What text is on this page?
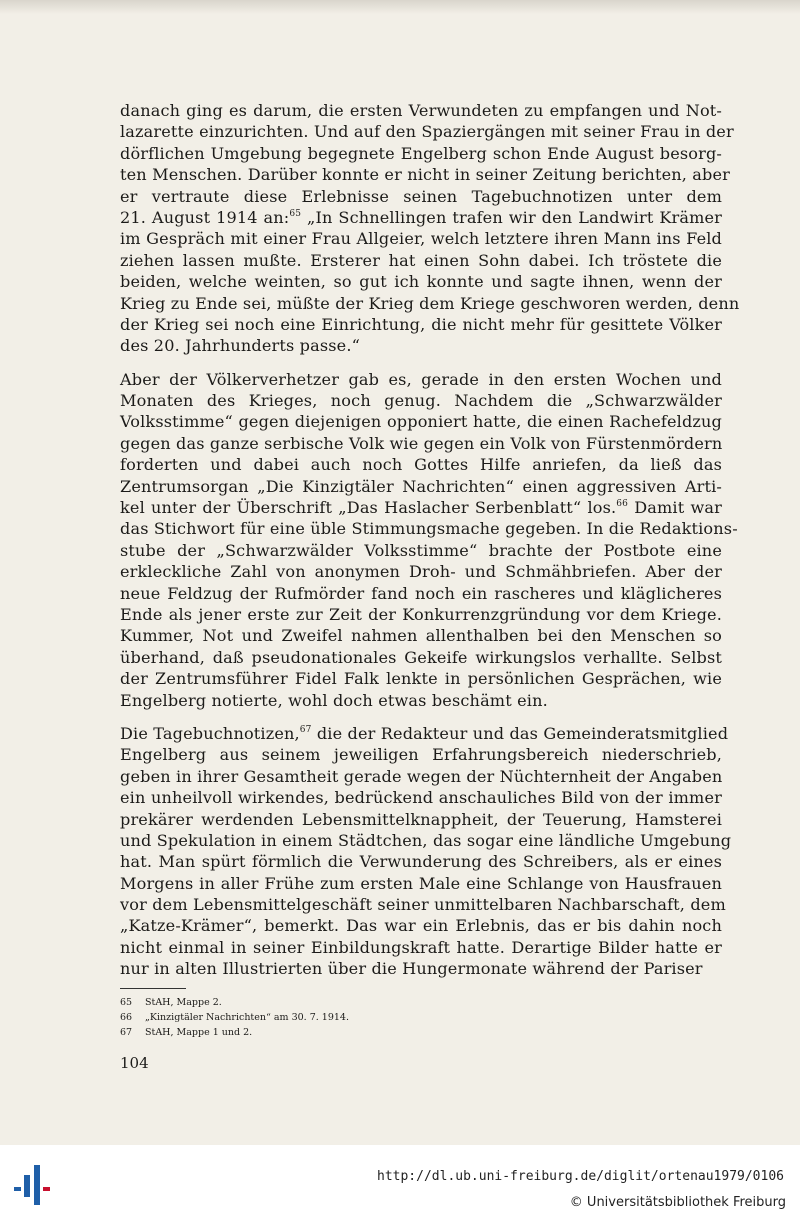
danach ging es darum, die ersten Verwundeten zu empfangen und Not-
lazarette einzurichten. Und auf den Spaziergängen mit seiner Frau in der
dörflichen Umgebung begegnete Engelberg schon Ende August besorg-
ten Menschen. Darüber konnte er nicht in seiner Zeitung berichten, aber
er vertraute diese Erlebnisse seinen Tagebuchnotizen unter dem
21. August 1914 an:$^{65}$ „In Schnellingen trafen wir den Landwirt Krämer
im Gespräch mit einer Frau Allgeier, welch letztere ihren Mann ins Feld
ziehen lassen mußte. Ersterer hat einen Sohn dabei. Ich tröstete die
beiden, welche weinten, so gut ich konnte und sagte ihnen, wenn der
Krieg zu Ende sei, müßte der Krieg dem Kriege geschworen werden, denn
der Krieg sei noch eine Einrichtung, die nicht mehr für gesittete Völker
des 20. Jahrhunderts passe.“
Aber der Völkerverhetzer gab es, gerade in den ersten Wochen und
Monaten des Krieges, noch genug. Nachdem die „Schwarzwälder
Volksstimme“ gegen diejenigen opponiert hatte, die einen Rachefeldzug
gegen das ganze serbische Volk wie gegen ein Volk von Fürstenmördern
forderten und dabei auch noch Gottes Hilfe anriefen, da ließ das
Zentrumsorgan „Die Kinzigtäler Nachrichten“ einen aggressiven Arti-
kel unter der Überschrift „Das Haslacher Serbenblatt“ los.$^{66}$ Damit war
das Stichwort für eine üble Stimmungsmache gegeben. In die Redaktions-
stube der „Schwarzwälder Volksstimme“ brachte der Postbote eine
erkleckliche Zahl von anonymen Droh- und Schmähbriefen. Aber der
neue Feldzug der Rufmörder fand noch ein rascheres und kläglicheres
Ende als jener erste zur Zeit der Konkurrenzgründung vor dem Kriege.
Kummer, Not und Zweifel nahmen allenthalben bei den Menschen so
überhand, daß pseudonationales Gekeife wirkungslos verhallte. Selbst
der Zentrumsführer Fidel Falk lenkte in persönlichen Gesprächen, wie
Engelberg notierte, wohl doch etwas beschämt ein.
Die Tagebuchnotizen,$^{67}$ die der Redakteur und das Gemeinderatsmitglied
Engelberg aus seinem jeweiligen Erfahrungsbereich niederschrieb,
geben in ihrer Gesamtheit gerade wegen der Nüchternheit der Angaben
ein unheilvoll wirkendes, bedrückend anschauliches Bild von der immer
prekärer werdenden Lebensmittelknappheit, der Teuerung, Hamsterei
und Spekulation in einem Städtchen, das sogar eine ländliche Umgebung
hat. Man spürt förmlich die Verwunderung des Schreibers, als er eines
Morgens in aller Frühe zum ersten Male eine Schlange von Hausfrauen
vor dem Lebensmittelgeschäft seiner unmittelbaren Nachbarschaft, dem
„Katze-Krämer“, bemerkt. Das war ein Erlebnis, das er bis dahin noch
nicht einmal in seiner Einbildungskraft hatte. Derartige Bilder hatte er
nur in alten Illustrierten über die Hungermonate während der Pariser
65	StAH, Mappe 2.
66	„Kinzigtäler Nachrichten“ am 30. 7. 1914.
67	StAH, Mappe 1 und 2.
104
http://dl.ub.uni-freiburg.de/diglit/ortenau1979/0106
© Universitätsbibliothek Freiburg
